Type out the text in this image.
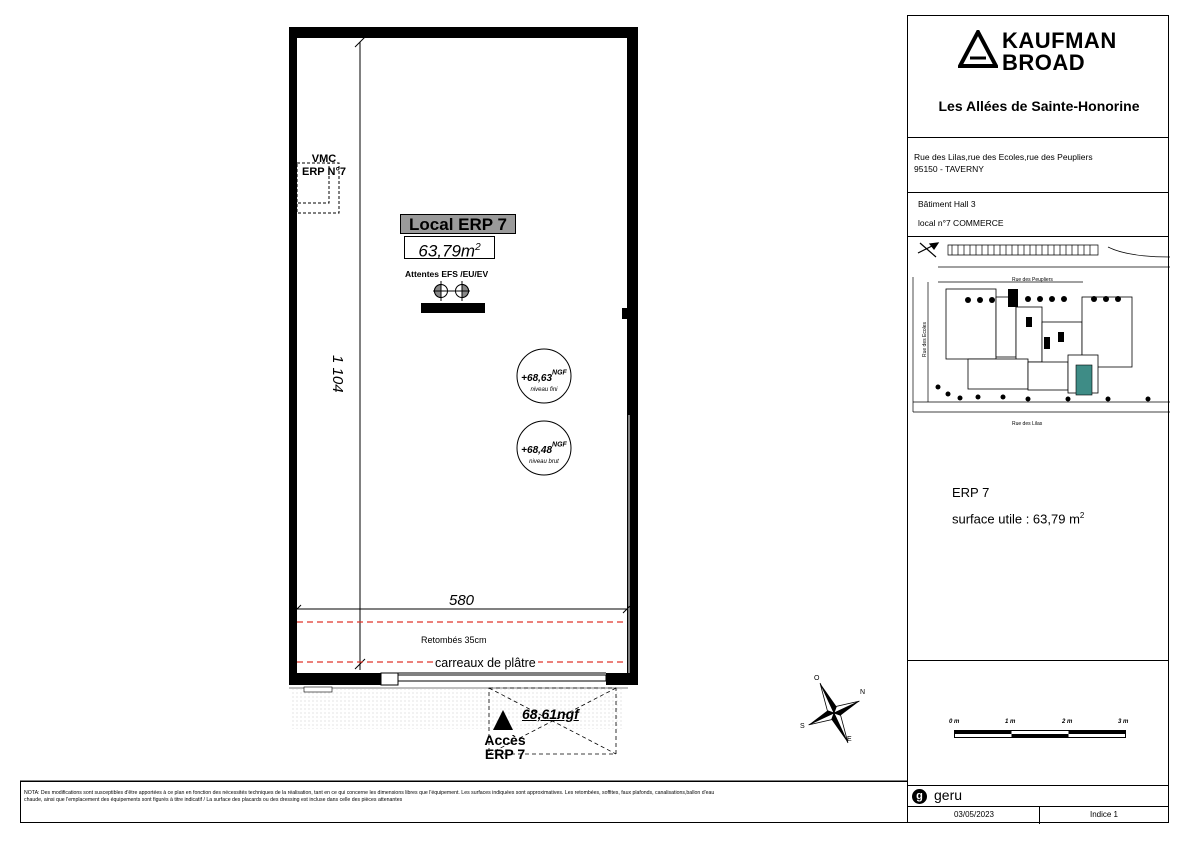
VMC
ERP N°7
Local ERP 7
$63,79m^2$
Attentes EFS /EU/EV
1 104
580
$+68,63^{NGF}$
niveau fini
$+68,48^{NGF}$
niveau brut
Retombés 35cm
carreaux de plâtre
68,61ngf
Accès
ERP 7
O
N
S
E
KAUFMAN
BROAD
Les Allées de Sainte-Honorine
Rue des Lilas,rue des Ecoles,rue des Peupliers
95150 - TAVERNY
Bâtiment Hall 3
local n°7 COMMERCE
Rue des Peupliers
Rue des Ecoles
Rue des Lilas
ERP 7
surface utile : 63,79 $m^2$
0 m	1 m	2 m	3 m
g geru
03/05/2023	Indice 1
NOTA: Des modifications sont susceptibles d'être apportées à ce plan en fonction des nécessités techniques de la réalisation, tant en ce qui concerne les dimensions libres que l'équipement. Les surfaces indiquées sont approximatives. Les retombées, soffites, faux plafonds, canalisations,ballon d'eau
chaude, ainsi que l'emplacement des équipements sont figurés à titre indicatif / La surface des placards ou des dressing est incluse dans celle des pièces attenantes
